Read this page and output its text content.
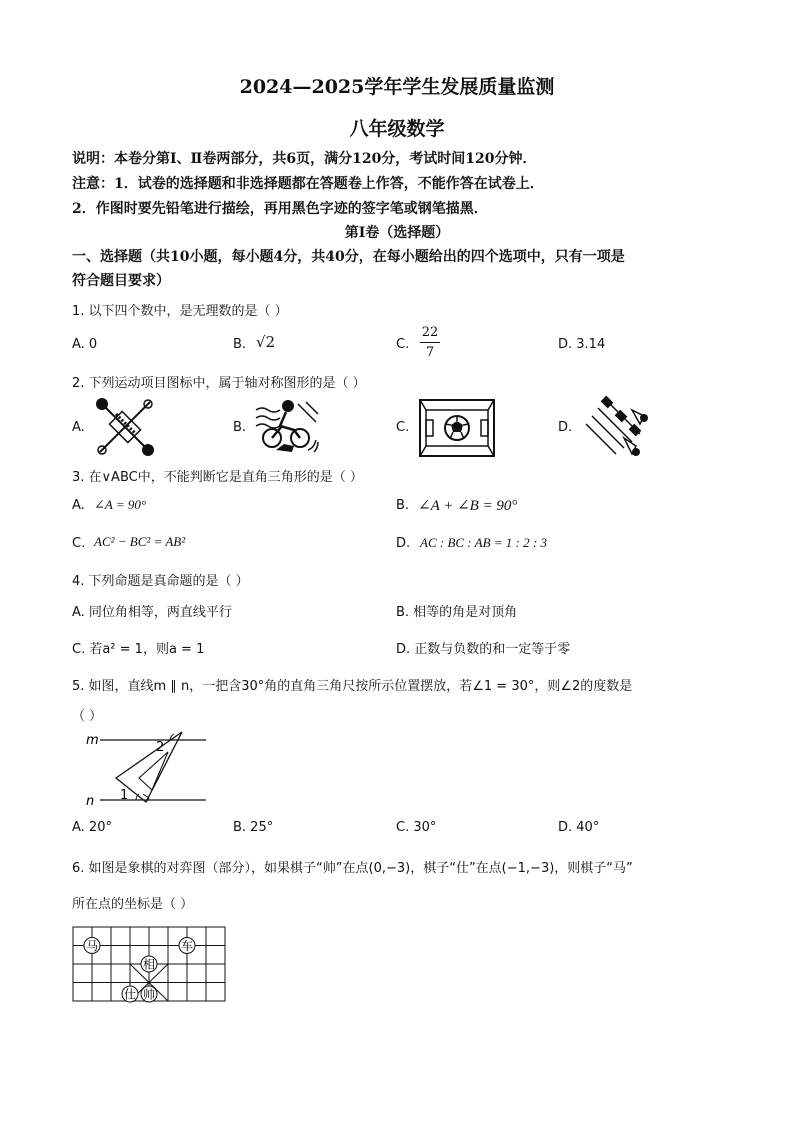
2024—2025学年学生发展质量监测
八年级数学
说明：本卷分第Ⅰ、Ⅱ卷两部分，共6页，满分120分，考试时间120分钟．
注意：1．试卷的选择题和非选择题都在答题卷上作答，不能作答在试卷上．
2．作图时要先铅笔进行描绘，再用黑色字迹的签字笔或钢笔描黑．
第Ⅰ卷（选择题）
一、选择题（共10小题，每小题4分，共40分，在每小题给出的四个选项中，只有一项是
符合题目要求）
1. 以下四个数中，是无理数的是（ ）
A. 0	B. √2	C.
22
7
D. 3.14
2. 下列运动项目图标中，属于轴对称图形的是（ ）
A.	B.	C.	D.
3. 在∨ABC中，不能判断它是直角三角形的是（ ）
A. ∠A = 90°	B. ∠A + ∠B = 90°
C. AC² − BC² = AB²	D. AC : BC : AB = 1 : 2 : 3
4. 下列命题是真命题的是（ ）
A. 同位角相等，两直线平行	B. 相等的角是对顶角
C. 若a² = 1，则a = 1	D. 正数与负数的和一定等于零
5. 如图，直线m ∥ n，一把含30°角的直角三角尺按所示位置摆放，若∠1 = 30°，则∠2的度数是
（ ）
m
n
2
1
A. 20°	B. 25°	C. 30°	D. 40°
6. 如图是象棋的对弈图（部分），如果棋子“帅”在点(0,−3)，棋子“仕”在点(−1,−3)，则棋子“马”
所在点的坐标是（ ）
马	车
相
仕 帅
